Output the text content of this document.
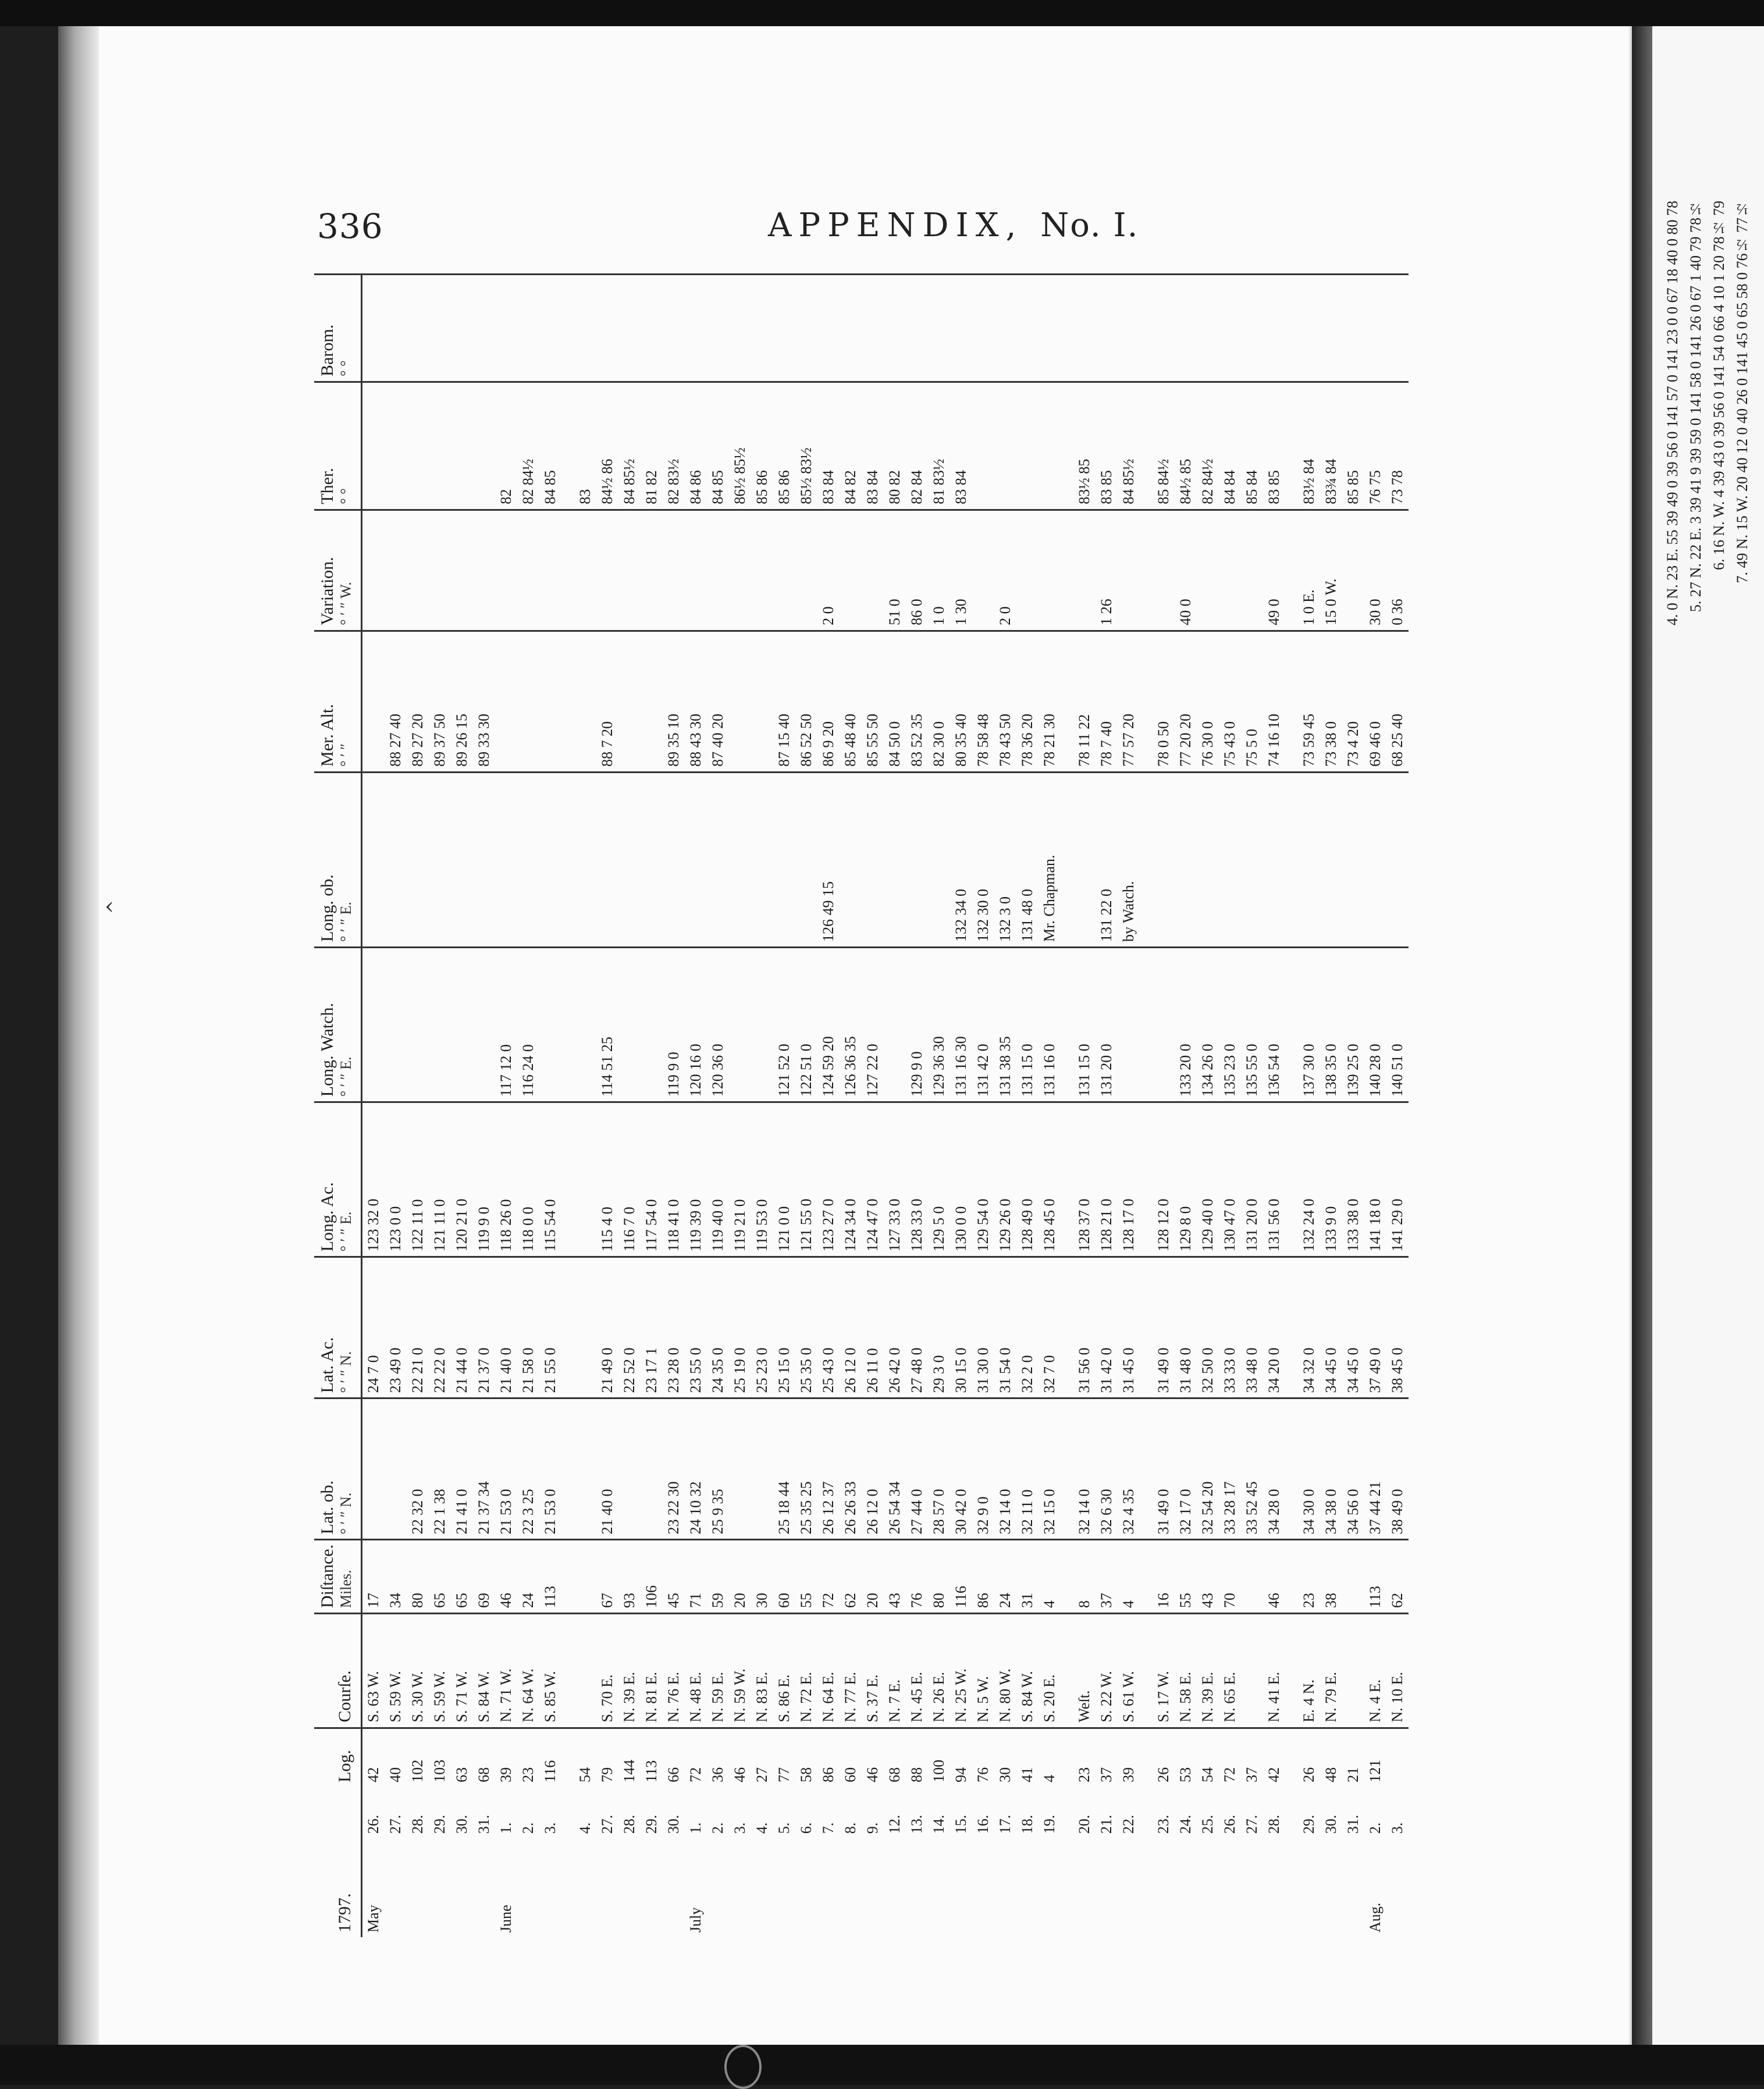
‹
336	APPENDIX, No. I.
1797.		Log.	Courſe.	Diſtance. Miles.	Lat. ob. ° ′ ″ N.	Lat. Ac. ° ′ ″ N.	Long. Ac. ° ′ ″ E.	Long. Watch. ° ′ ″ E.	Long. ob. ° ′ ″ E.	Mer. Alt. ° ′ ″	Variation. ° ′ ″ W.	Ther. ° °	Barom. ° °

May	26.	42	S. 63 W.	17		24 7 0	123 32 0						
	27.	40	S. 59 W.	34		23 49 0	123 0 0			88 27 40			
	28.	102	S. 30 W.	80	22 32 0	22 21 0	122 11 0			89 27 20			
	29.	103	S. 59 W.	65	22 1 38	22 22 0	121 11 0			89 37 50			
	30.	63	S. 71 W.	65	21 41 0	21 44 0	120 21 0			89 26 15			
	31.	68	S. 84 W.	69	21 37 34	21 37 0	119 9 0			89 33 30			
June	1.	39	N. 71 W.	46	21 53 0	21 40 0	118 26 0	117 12 0				82	
	2.	23	N. 64 W.	24	22 3 25	21 58 0	118 0 0	116 24 0				82 84½	
	3.	116	S. 85 W.	113	21 53 0	21 55 0	115 54 0					84 85	
	4.	54										83	
	27.	79	S. 70 E.	67	21 40 0	21 49 0	115 4 0	114 51 25		88 7 20		84½ 86	
	28.	144	N. 39 E.	93		22 52 0	116 7 0					84 85½	
	29.	113	N. 81 E.	106		23 17 1	117 54 0					81 82	
	30.	66	N. 76 E.	45	23 22 30	23 28 0	118 41 0	119 9 0		89 35 10		82 83½	
July	1.	72	N. 48 E.	71	24 10 32	23 55 0	119 39 0	120 16 0		88 43 30		84 86	
	2.	36	N. 59 E.	59	25 9 35	24 35 0	119 40 0	120 36 0		87 40 20		84 85	
	3.	46	N. 59 W.	20		25 19 0	119 21 0					86½ 85½	
	4.	27	N. 83 E.	30		25 23 0	119 53 0					85 86	
	5.	77	S. 86 E.	60	25 18 44	25 15 0	121 0 0	121 52 0		87 15 40		85 86	
	6.	58	N. 72 E.	55	25 35 25	25 35 0	121 55 0	122 51 0		86 52 50		85½ 83½	
	7.	86	N. 64 E.	72	26 12 37	25 43 0	123 27 0	124 59 20	126 49 15	86 9 20	2 0	83 84	
	8.	60	N. 77 E.	62	26 26 33	26 12 0	124 34 0	126 36 35		85 48 40		84 82	
	9.	46	S. 37 E.	20	26 12 0	26 11 0	124 47 0	127 22 0		85 55 50		83 84	
	12.	68	N. 7 E.	43	26 54 34	26 42 0	127 33 0			84 50 0	51 0	80 82	
	13.	88	N. 45 E.	76	27 44 0	27 48 0	128 33 0	129 9 0		83 52 35	86 0	82 84	
	14.	100	N. 26 E.	80	28 57 0	29 3 0	129 5 0	129 36 30		82 30 0	1 0	81 83½	
	15.	94	N. 25 W.	116	30 42 0	30 15 0	130 0 0	131 16 30	132 34 0	80 35 40	1 30	83 84	
	16.	76	N. 5 W.	86	32 9 0	31 30 0	129 54 0	131 42 0	132 30 0	78 58 48			
	17.	30	N. 80 W.	24	32 14 0	31 54 0	129 26 0	131 38 35	132 3 0	78 43 50	2 0		
	18.	41	S. 84 W.	31	32 11 0	32 2 0	128 49 0	131 15 0	131 48 0	78 36 20			
	19.	4	S. 20 E.	4	32 15 0	32 7 0	128 45 0	131 16 0	Mr. Chapman.	78 21 30			
	20.	23	Weſt.	8	32 14 0	31 56 0	128 37 0	131 15 0		78 11 22		83½ 85	
	21.	37	S. 22 W.	37	32 6 30	31 42 0	128 21 0	131 20 0	131 22 0	78 7 40	1 26	83 85	
	22.	39	S. 61 W.	4	32 4 35	31 45 0	128 17 0		by Watch.	77 57 20		84 85½	
	23.	26	S. 17 W.	16	31 49 0	31 49 0	128 12 0			78 0 50		85 84½	
	24.	53	N. 58 E.	55	32 17 0	31 48 0	129 8 0	133 20 0		77 20 20	40 0	84½ 85	
	25.	54	N. 39 E.	43	32 54 20	32 50 0	129 40 0	134 26 0		76 30 0		82 84½	
	26.	72	N. 65 E.	70	33 28 17	33 33 0	130 47 0	135 23 0		75 43 0		84 84	
	27.	37			33 52 45	33 48 0	131 20 0	135 55 0		75 5 0		85 84	
	28.	42	N. 41 E.	46	34 28 0	34 20 0	131 56 0	136 54 0		74 16 10	49 0	83 85	
	29.	26	E. 4 N.	23	34 30 0	34 32 0	132 24 0	137 30 0		73 59 45	1 0 E.	83½ 84	
	30.	48	N. 79 E.	38	34 38 0	34 45 0	133 9 0	138 35 0		73 38 0	15 0 W.	83¾ 84	
	31.	21			34 56 0	34 45 0	133 38 0	139 25 0		73 4 20		85 85	
Aug.	2.	121	N. 4 E.	113	37 44 21	37 49 0	141 18 0	140 28 0		69 46 0	30 0	76 75	
	3.		N. 10 E.	62	38 49 0	38 45 0	141 29 0	140 51 0		68 25 40	0 36	73 78		4. 0 N. 23 E. 55 39 49 0 39 56 0 141 57 0 141 23 0 0 67 18 40 0 80 78 5. 27 N. 22 E. 3 39 41 9 39 59 0 141 58 0 141 26 0 67 1 40 79 78½ 6. 16 N. W. 4 39 43 0 39 56 0 141 54 0 66 4 10 1 20 78½ 79 7. 49 N. 15 W. 20 40 12 0 40 26 0 141 45 0 65 58 0 76½ 77½
